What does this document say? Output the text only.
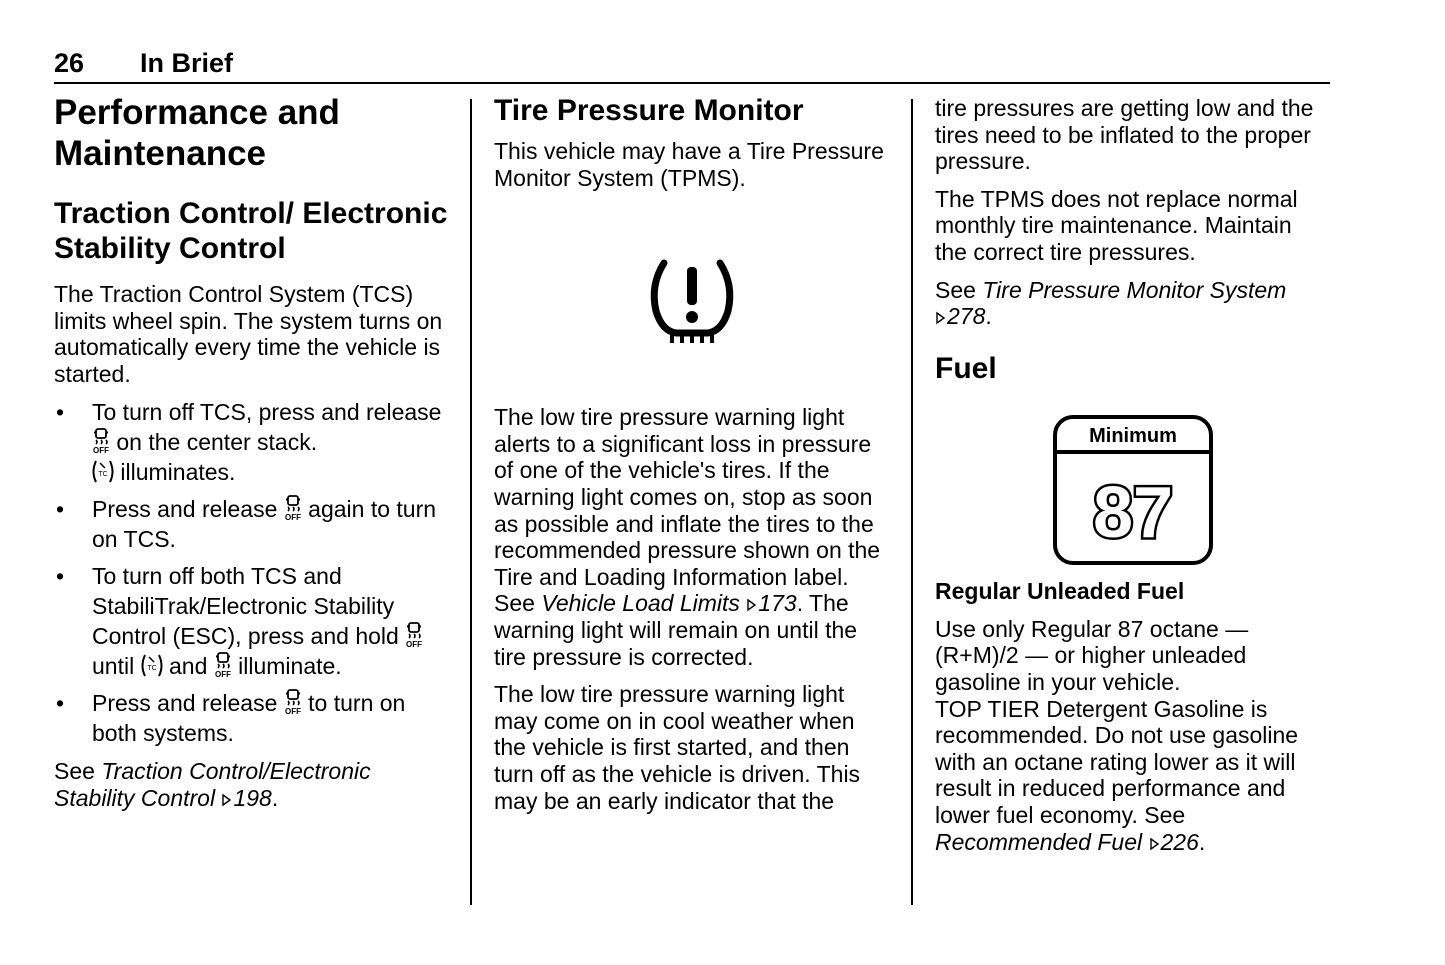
26 In Brief
Performance and Maintenance
Traction Control/ Electronic Stability Control

The Traction Control System (TCS) limits wheel spin. The system turns on automatically every time the vehicle is started.

• To turn off TCS, press and release  on the center stack.
illuminates.
• Press and release again to turn on TCS.
• To turn off both TCS and StabiliTrak/Electronic Stability Control (ESC), press and hold  until and illuminate.
• Press and release to turn on both systems.

See Traction Control/Electronic Stability Control 198.

Tire Pressure Monitor

This vehicle may have a Tire Pressure Monitor System (TPMS).

The low tire pressure warning light alerts to a significant loss in pressure of one of the vehicle's tires. If the warning light comes on, stop as soon as possible and inflate the tires to the recommended pressure shown on the Tire and Loading Information label. See Vehicle Load Limits 173. The warning light will remain on until the tire pressure is corrected.

The low tire pressure warning light may come on in cool weather when the vehicle is first started, and then turn off as the vehicle is driven. This may be an early indicator that the

tire pressures are getting low and the tires need to be inflated to the proper pressure.

The TPMS does not replace normal monthly tire maintenance. Maintain the correct tire pressures.

See Tire Pressure Monitor System
278.

Fuel
Minimum
87
Regular Unleaded Fuel

Use only Regular 87 octane — (R+M)/2 — or higher unleaded gasoline in your vehicle.

TOP TIER Detergent Gasoline is recommended. Do not use gasoline with an octane rating lower as it will result in reduced performance and lower fuel economy. See Recommended Fuel 226.
